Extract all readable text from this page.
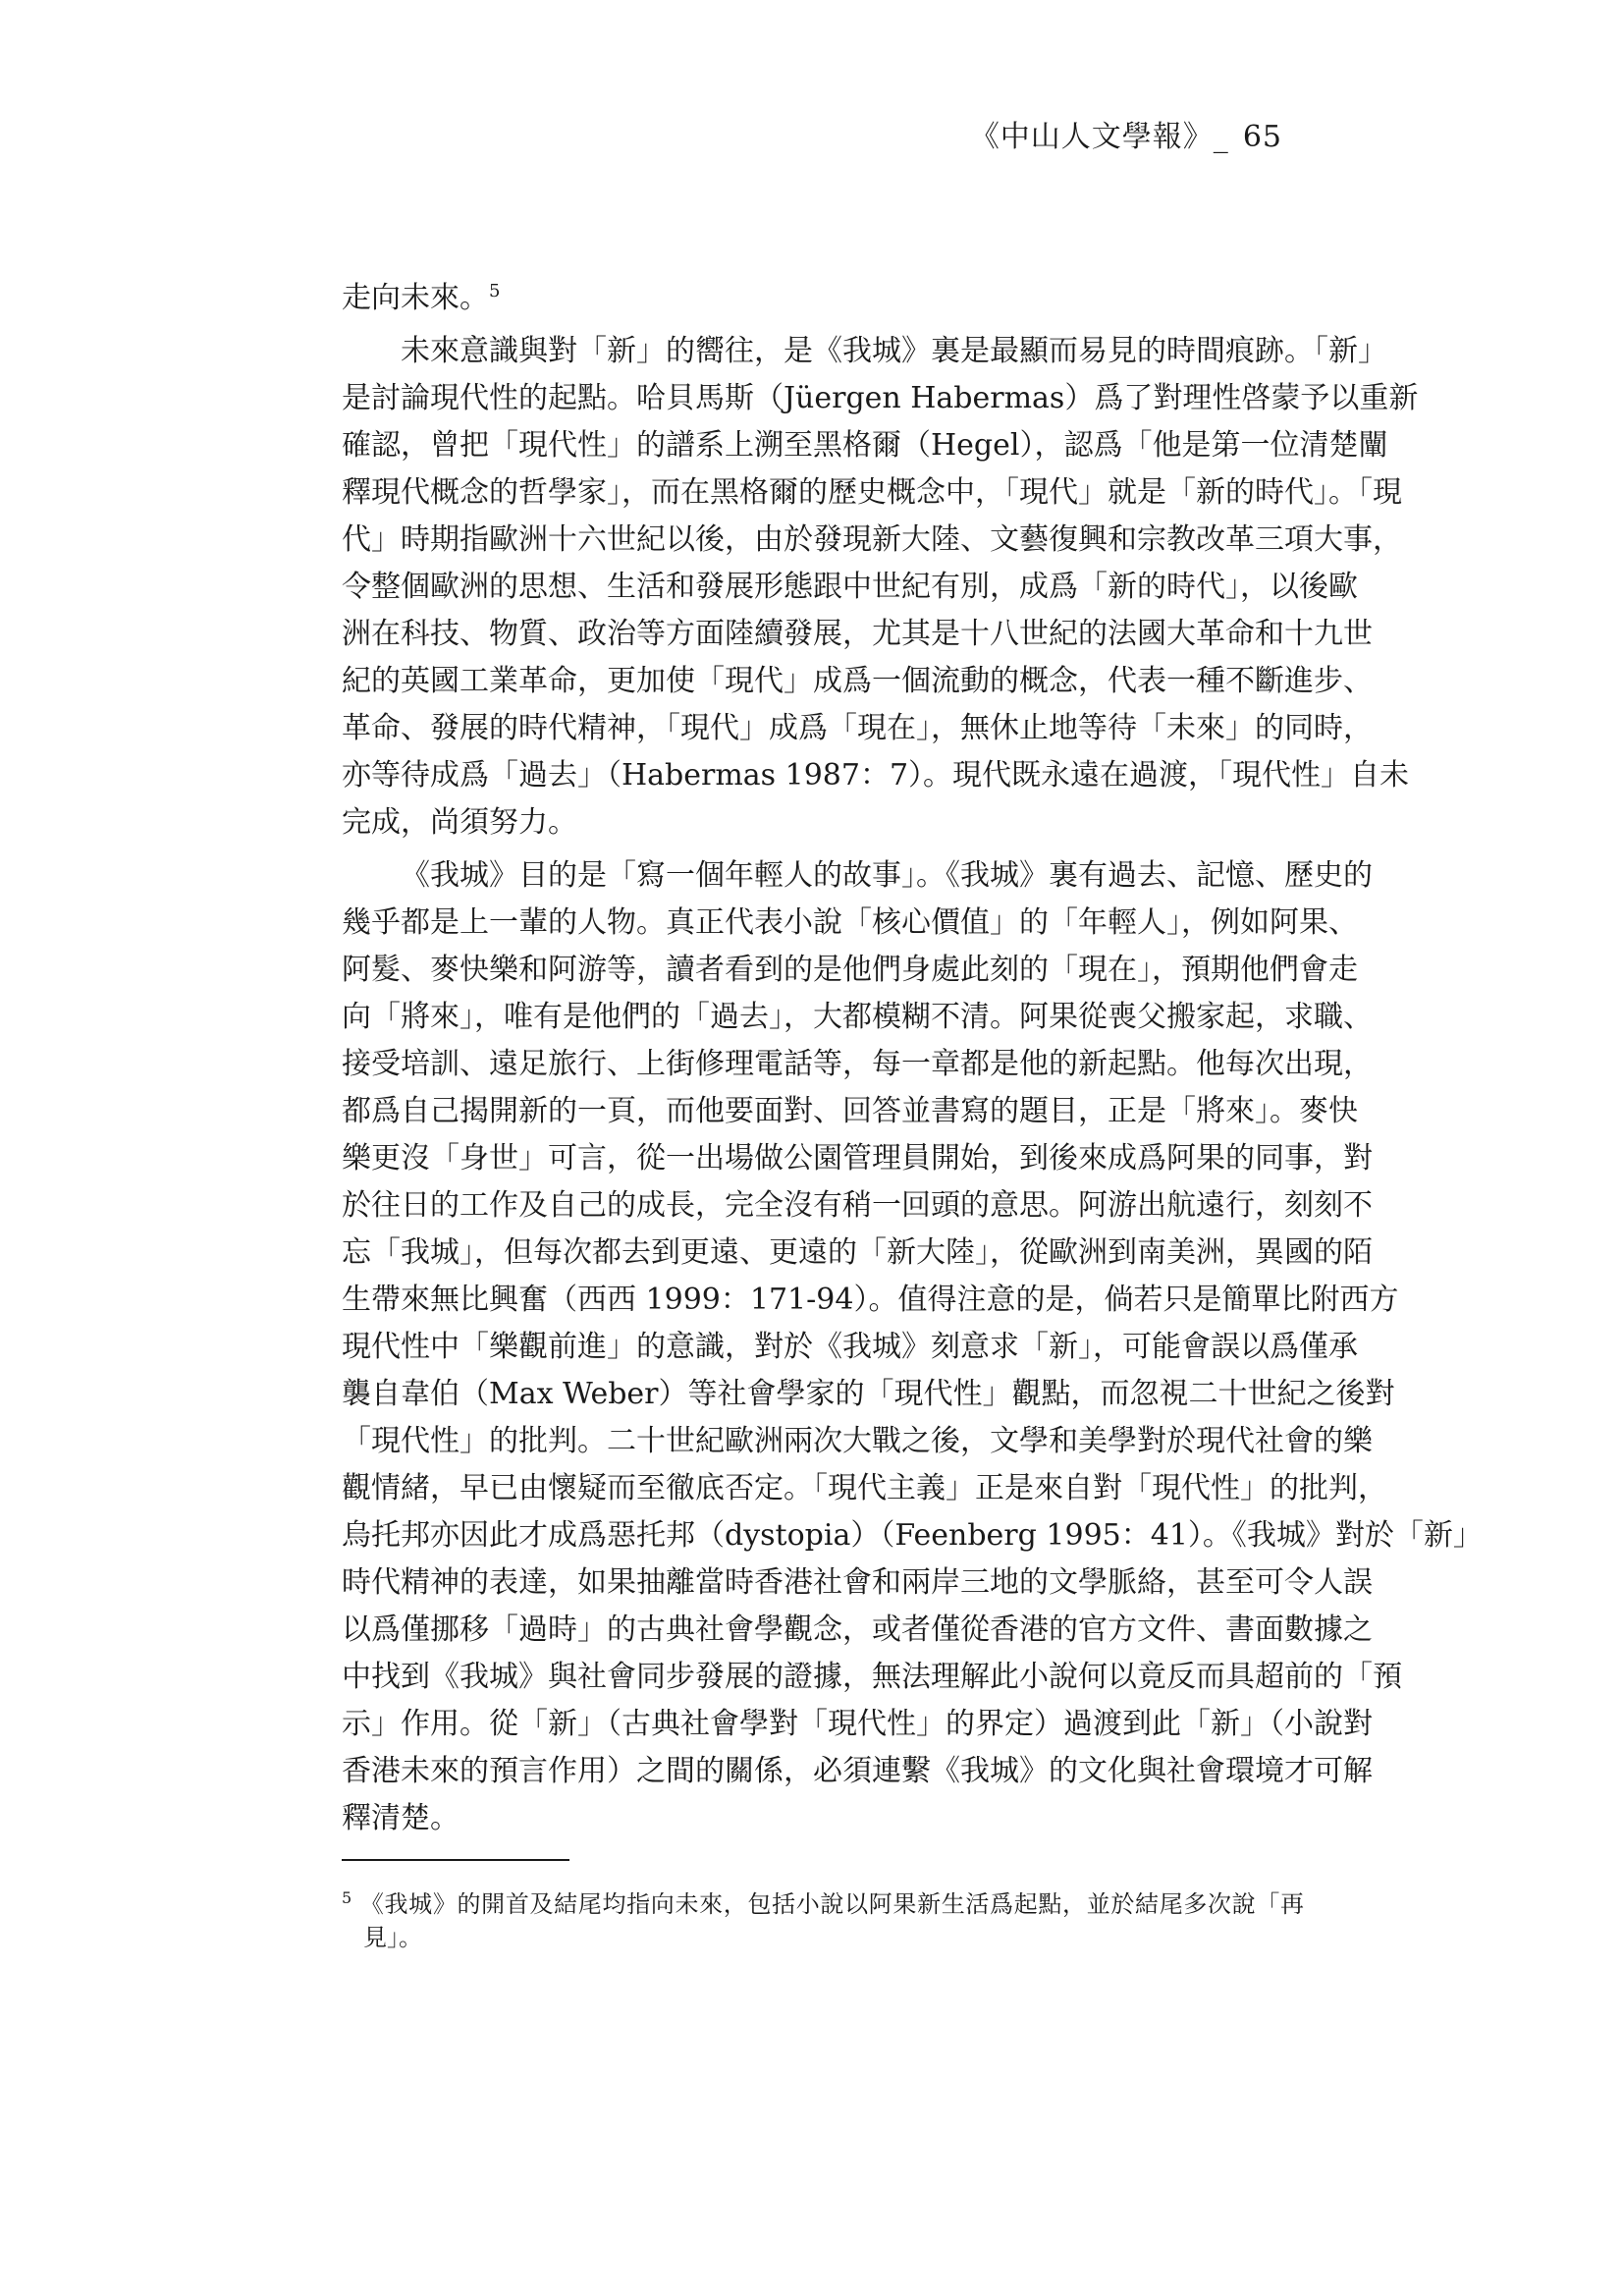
《中山人文學報》_ 65
走向未來。$^5$
未來意識與對「新」的嚮往，是《我城》裏是最顯而易見的時間痕跡。「新」
是討論現代性的起點。哈貝馬斯（Jüergen Habermas）爲了對理性啓蒙予以重新
確認，曾把「現代性」的譜系上溯至黑格爾（Hegel），認爲「他是第一位清楚闡
釋現代概念的哲學家」，而在黑格爾的歷史概念中，「現代」就是「新的時代」。「現
代」時期指歐洲十六世紀以後，由於發現新大陸、文藝復興和宗教改革三項大事，
令整個歐洲的思想、生活和發展形態跟中世紀有別，成爲「新的時代」，以後歐
洲在科技、物質、政治等方面陸續發展，尤其是十八世紀的法國大革命和十九世
紀的英國工業革命，更加使「現代」成爲一個流動的概念，代表一種不斷進步、
革命、發展的時代精神，「現代」成爲「現在」，無休止地等待「未來」的同時，
亦等待成爲「過去」（Habermas 1987：7）。現代既永遠在過渡，「現代性」自未
完成，尚須努力。
《我城》目的是「寫一個年輕人的故事」。《我城》裏有過去、記憶、歷史的
幾乎都是上一輩的人物。真正代表小說「核心價值」的「年輕人」，例如阿果、
阿髮、麥快樂和阿游等，讀者看到的是他們身處此刻的「現在」，預期他們會走
向「將來」，唯有是他們的「過去」，大都模糊不清。阿果從喪父搬家起，求職、
接受培訓、遠足旅行、上街修理電話等，每一章都是他的新起點。他每次出現，
都爲自己揭開新的一頁，而他要面對、回答並書寫的題目，正是「將來」。麥快
樂更沒「身世」可言，從一出場做公園管理員開始，到後來成爲阿果的同事，對
於往日的工作及自己的成長，完全沒有稍一回頭的意思。阿游出航遠行，刻刻不
忘「我城」，但每次都去到更遠、更遠的「新大陸」，從歐洲到南美洲，異國的陌
生帶來無比興奮（西西 1999：171-94）。值得注意的是，倘若只是簡單比附西方
現代性中「樂觀前進」的意識，對於《我城》刻意求「新」，可能會誤以爲僅承
襲自韋伯（Max Weber）等社會學家的「現代性」觀點，而忽視二十世紀之後對
「現代性」的批判。二十世紀歐洲兩次大戰之後，文學和美學對於現代社會的樂
觀情緒，早已由懷疑而至徹底否定。「現代主義」正是來自對「現代性」的批判，
烏托邦亦因此才成爲惡托邦（dystopia）（Feenberg 1995：41）。《我城》對於「新」
時代精神的表達，如果抽離當時香港社會和兩岸三地的文學脈絡，甚至可令人誤
以爲僅挪移「過時」的古典社會學觀念，或者僅從香港的官方文件、書面數據之
中找到《我城》與社會同步發展的證據，無法理解此小說何以竟反而具超前的「預
示」作用。從「新」（古典社會學對「現代性」的界定）過渡到此「新」（小說對
香港未來的預言作用）之間的關係，必須連繫《我城》的文化與社會環境才可解
釋清楚。
$^5$ 《我城》的開首及結尾均指向未來，包括小說以阿果新生活爲起點，並於結尾多次說「再
見」。
